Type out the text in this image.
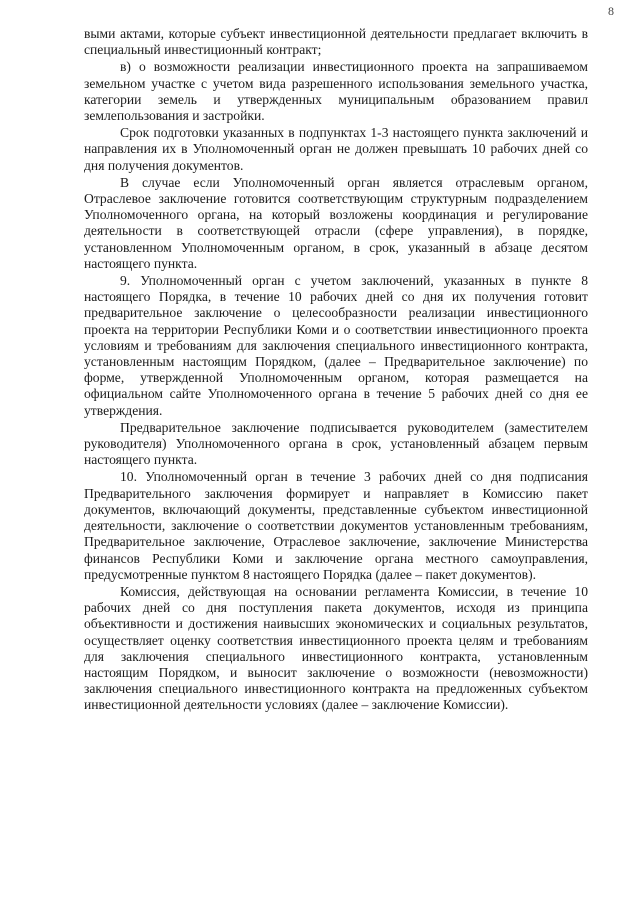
8

выми актами, которые субъект инвестиционной деятельности предлагает включить в специальный инвестиционный контракт;

в) о возможности реализации инвестиционного проекта на запрашиваемом земельном участке с учетом вида разрешенного использования земельного участка, категории земель и утвержденных муниципальным образованием правил землепользования и застройки.

Срок подготовки указанных в подпунктах 1-3 настоящего пункта заключений и направления их в Уполномоченный орган не должен превышать 10 рабочих дней со дня получения документов.

В случае если Уполномоченный орган является отраслевым органом, Отраслевое заключение готовится соответствующим структурным подразделением Уполномоченного органа, на который возложены координация и регулирование деятельности в соответствующей отрасли (сфере управления), в порядке, установленном Уполномоченным органом, в срок, указанный в абзаце десятом настоящего пункта.

9. Уполномоченный орган с учетом заключений, указанных в пункте 8 настоящего Порядка, в течение 10 рабочих дней со дня их получения готовит предварительное заключение о целесообразности реализации инвестиционного проекта на территории Республики Коми и о соответствии инвестиционного проекта условиям и требованиям для заключения специального инвестиционного контракта, установленным настоящим Порядком, (далее – Предварительное заключение) по форме, утвержденной Уполномоченным органом, которая размещается на официальном сайте Уполномоченного органа в течение 5 рабочих дней со дня ее утверждения.

Предварительное заключение подписывается руководителем (заместителем руководителя) Уполномоченного органа в срок, установленный абзацем первым настоящего пункта.

10. Уполномоченный орган в течение 3 рабочих дней со дня подписания Предварительного заключения формирует и направляет в Комиссию пакет документов, включающий документы, представленные субъектом инвестиционной деятельности, заключение о соответствии документов установленным требованиям, Предварительное заключение, Отраслевое заключение, заключение Министерства финансов Республики Коми и заключение органа местного самоуправления, предусмотренные пунктом 8 настоящего Порядка (далее – пакет документов).

Комиссия, действующая на основании регламента Комиссии, в течение 10 рабочих дней со дня поступления пакета документов, исходя из принципа объективности и достижения наивысших экономических и социальных результатов, осуществляет оценку соответствия инвестиционного проекта целям и требованиям для заключения специального инвестиционного контракта, установленным настоящим Порядком, и выносит заключение о возможности (невозможности) заключения специального инвестиционного контракта на предложенных субъектом инвестиционной деятельности условиях (далее – заключение Комиссии).
